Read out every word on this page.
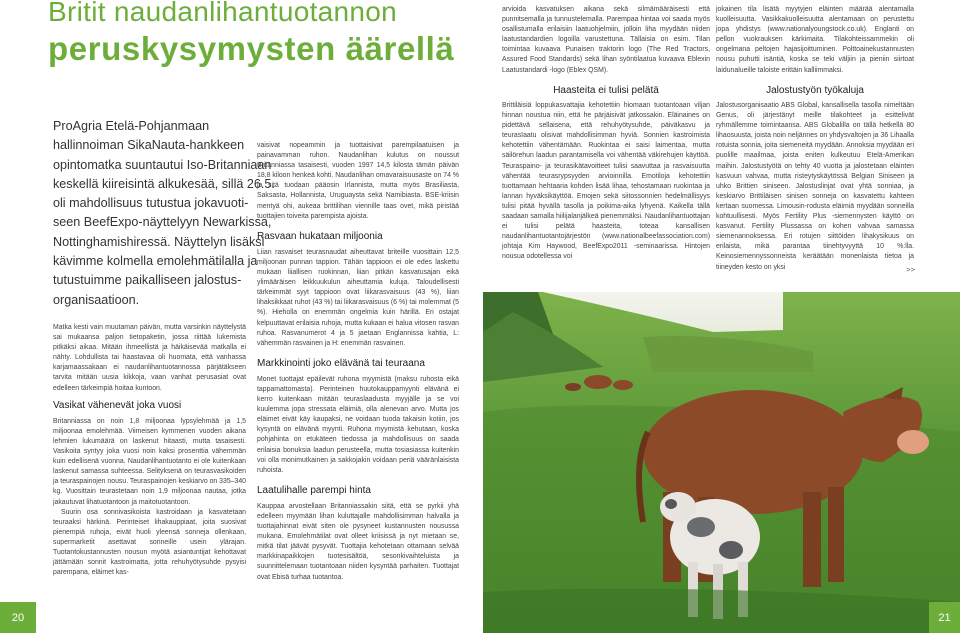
Britit naudanlihantuotannon
peruskysymysten äärellä
ProAgria Etelä-Pohjanmaan
hallinnoiman SikaNauta-hankkeen
opintomatka suuntautui Iso-Britanniaan
keskellä kiireisintä alkukesää, sillä 26.5.
oli mahdollisuus tutustua jokavuoti-
seen BeefExpo-näyttelyyn Newarkissa,
Nottinghamishiressä. Näyttelyn lisäksi
kävimme kolmella emolehmätilalla ja
tutustuimme paikalliseen jalostus-
organisaatioon.

Matka kesti vain muutaman päivän, mutta varsinkin näyttelystä sai mukaansa paljon tietopaketin, jossa riittää lukemista pitkäksi aikaa. Mitään ihmeellistä ja häikäisevää matkalla ei nähty. Lohdullista tai haastavaa oli huomata, että vanhassa karjamaassakaan ei naudanlihantuotannossa pärjätäkseen tarvita mitään uusia kikkoja, vaan vanhat perusasiat ovat edelleen tärkeimpiä hoitaa kuntoon.

Vasikat vähenevät joka vuosi

Britanniassa on noin 1,8 miljoonaa lypsylehmää ja 1,5 miljoonaa emolehmää. Viimeisen kymmenen vuoden aikana lehmien lukumäärä on laskenut hitaasti, mutta tasaisesti. Vasikoita syntyy joka vuosi noin kaksi prosenttia vähemmän kuin edellisenä vuonna. Naudanlihantuotanto ei ole kuitenkaan laskenut samassa suhteessa. Selityksenä on teurasvasikoiden ja teuraspainojen nousu. Teuraspainojen keskiarvo on 335–340 kg. Vuosittain teurastetaan noin 1,9 miljoonaa nautaa, jotka jakautuvat lihatuotantoon ja maitotuotantoon.

Suurin osa sonnivasikoista kastroidaan ja kasvatetaan teuraaksi härkinä. Perinteiset lihakauppiaat, joita suosivat pienempiä ruhoja, eivät huoli yleensä sonneja ollenkaan, supermarketit asettavat sonneille usein ylärajan. Tuotantokustannusten nousun myötä asiantuntijat kehottavat jättämään sonnit kastroimatta, jotta rehuhyötysuhde pysyisi parempana, eläimet kas-

vaisivat nopeammin ja tuottaisivat parempilaatuisen ja painavamman ruhon. Naudanlihan kulutus on noussut Britanniassa tasaisesti, vuoden 1997 14,5 kilosta tämän päivän 18,8 kiloon henkeä kohti. Naudanlihan omavaraisuusaste on 74 % ja sitä tuodaan pääosin Irlannista, mutta myös Brasiliasta, Saksasta, Hollannista, Uruguaysta sekä Namibiasta. BSE-kriisin mentyä ohi, aukeaa brittilihan viennille taas ovet, mikä piristää tuottajien toiveita parempista ajoista.

Rasvaan hukataan miljoonia

Liian rasvaiset teurasnaudat aiheuttavat briteille vuosittain 12,5 miljoonan punnan tappion. Tähän tappioon ei ole edes laskettu mukaan liiallisen ruokinnan, liian pitkän kasvatusajan eikä ylimääräisen leikkuukulun aiheuttamia kuluja. Taloudellisesti tärkeimmät syyt tappioon ovat liikarasvaisuus (43 %), liian lihaksikkaat ruhot (43 %) tai liikarasvaisuus (6 %) tai molemmat (5 %). Hieholla on enemmän ongelmia kuin härillä. Eri ostajat kelpuuttavat erilaisia ruhoja, mutta kukaan ei halua vitosen rasvan ruhoa. Rasvanumerot 4 ja 5 jaetaan Englannissa kahtia, L: vähemmän rasvainen ja H: enemmän rasvainen.

Markkinointi joko elävänä tai teuraana

Monet tuottajat epäilevät ruhona myymistä (maksu ruhosta eikä tappamattomasta). Perinteinen huutokauppamyynti elävänä ei kerro kuitenkaan mitään teuraslaadusta myyjälle ja se voi kuulemma jopa stressata eläimiä, olla alenevan arvo. Mutta jos eläimet eivät käy kaupaksi, ne voidaan tuoda takaisin kotiin, jos kysyntä on elävänä myynti. Ruhona myymistä kehutaan, koska pohjahinta on etukäteen tiedossa ja mahdollisuus on saada erilaisia bonuksia laadun perusteella, mutta tosiasiassa kuitenkin voi olla monimutkainen ja sakkojakin voidaan periä vääränlaisista ruhoista.

Laatulihalle parempi hinta

Kauppaa arvostellaan Britanniassakin siitä, että se pyrkii yhä edelleen myymään lihan kuluttajalle mahdollisimman halvalla ja tuottajahinnat eivät siten ole pysyneet kustannusten nousussa mukana. Emolehmätilat ovat olleet kriisissä ja nyt mietaan se, mitkä tilat jäävät pysyvät. Tuottajia kehotetaan ottamaan selvää markkinapaikkojen tuotesisältöä, sesonkivaihteluista ja suunnittelemaan tuotantoaan niiden kysyntää parhaiten. Tuottajat ovat Ebisä turhaa tuotantoa.

arvioida kasvatuksen aikana sekä silmämääräisesti että punnitsemalla ja tunnustelemalla. Parempaa hintaa voi saada myös osallistumalla erilaisiin laatuohjelmiin, jolloin liha myydään niiden laatustandardien logoilla varustettuna. Tällaisia on esim. Tilan toimintaa kuvaava Punaisen traktorin logo (The Red Tractors, Assured Food Standards) sekä lihan syöntilaatua kuvaava Eblexin Laatustandardi -logo (Eblex QSM).

jokainen tila lisätä myytyjen eläinten määrää alentamalla kuolleisuutta. Vasikkakuolleisuutta alentamaan on perustettu jopa yhdistys (www.nationalyoungstock.co.uk). Englanti on pellon vuokrauksen kärkimaita. Tilakohteissammekin oli ongelmana peltojen hajasijoittuminen. Polttoainekustannusten nousu puhutti isäntiä, koska se teki väljiin ja pieniin siirtoat laidunalueille taloiste erittäin kalliimmaksi.

Haasteita ei tulisi pelätä	Jalostustyön työkaluja

Brittiläisiä loppukasvattajia kehotettiin hiomaan tuotantoaan viljan hinnan noustua niin, että he pärjäisivät jatkossakin. Eläinaines on pidettävä sellaisena, että rehuhyötysuhde, päiväkasvu ja teurasIaatu olisivat mahdollisimman hyviä. Sonnien kastroimista kehotettiin vähentämään. Ruokintaa ei saisi laimentaa, mutta säilörehun laadun parantamisella voi vähentää väkirehujen käyttöä. Teuraspaino- ja teurasikätavoitteet tulisi saavuttaa ja rasvaisuutta vähentää teurasrypsyyden arvioinnilla. Emotiloja kehotettiin tuottamaan hehtaaria kohden lisää lihaa, tehostamaan ruokintaa ja lannan hyväksikäyttöä. Emojen sekä siitossonnien hedelmällisyys tulisi pitää hyvällä tasolla ja poikima-aika lyhyenä. Kaikella tällä saadaan samalla hiilijalanjälkeä pienemmäksi. Naudanlihantuottajan ei tulisi pelätä haasteita, toteaa kansallisen naudanlihantuotantojärjestön (www.nationalbeefassociation.com) johtaja Kim Haywood, BeefExpo2011 -seminaarissa. Hintojen nousua odotellessa voi

Jalostusorganisaatio ABS Global, kansallisella tasolla nimeltään Genus, oli järjestänyt meille tilakohteet ja esittelivät ryhmällemme toimintaansa. ABS Globalilla on tällä hetkellä 80 lihaosuusta, joista noin neljännes on yhdysvaltojen ja 36 Lihaalla rotuista sonnia, joita siemeneitä myydään. Annoksia myydään eri puolille maailmaa, joista eniten kulkeutuu Etelä-Amerikan maihin. Jalostustyötä on tehty 40 vuotta ja jalostetaan eläinten kasvuun vahvaa, mutta risteytyskäytössä Belgian Siniseen ja uhko Brittien siniseen. Jalostuslinjat ovat yhtä sonniaa, ja keskiarvo Brittiläisen sinisen sonneja on kasvatettu kahteen kertaan suomessa. Limousin-rodusta eläimiä myydään sonneilla kohtuullisesti. Myös Fertility Plus -siemennysten käyttö on kasvanut. Fertility Plussassa on kohen vahvaa samassa siemenannoksessa. Eri rotujen siittöiden lihakysikuus on erilaista, mikä parantaa tiinehtyvyyttä 10 %:lla. Keinosiemennyssonneista keräätään monenlaista tietoa ja tiineyden kesto on yksi	>>
20	21
